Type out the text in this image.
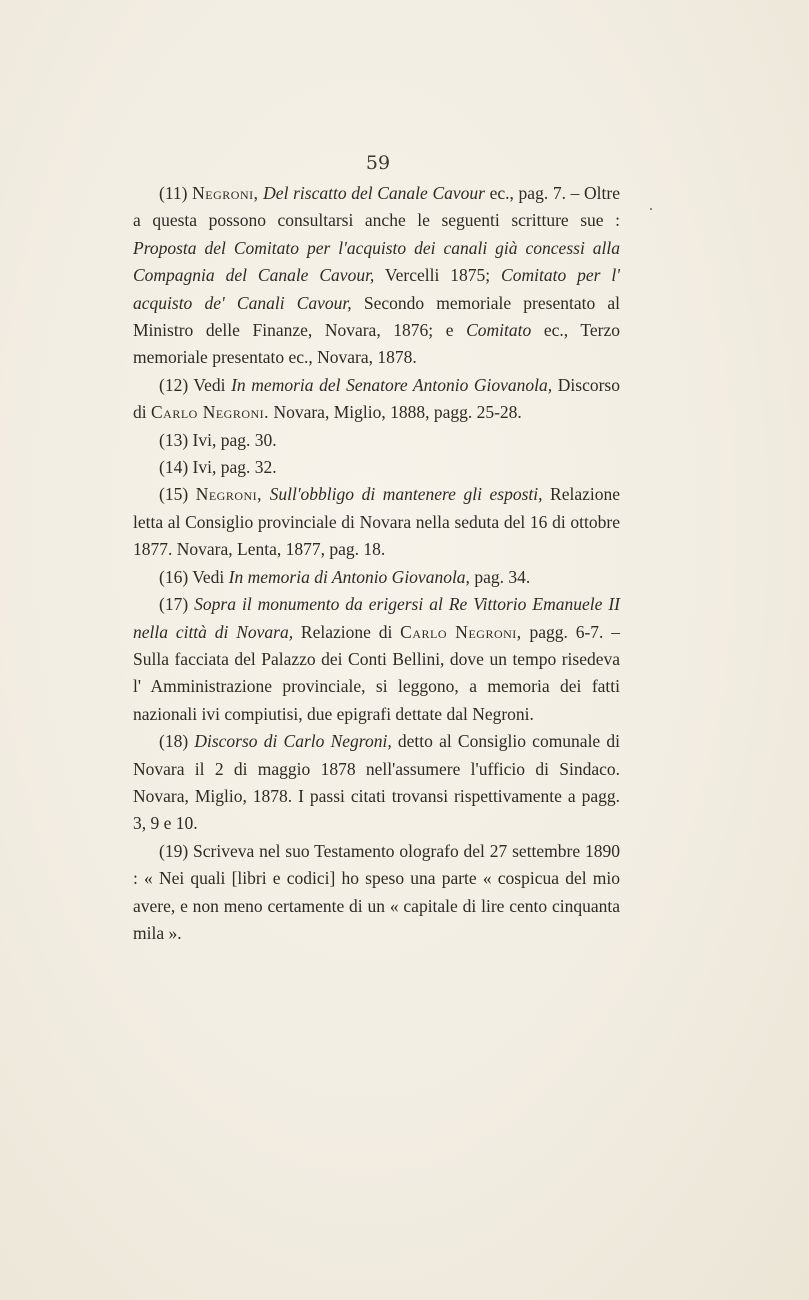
59

(11) Negroni, Del riscatto del Canale Cavour ec., pag. 7. – Oltre a questa possono consultarsi anche le seguenti scritture sue : Proposta del Comitato per l'acquisto dei canali già concessi alla Compagnia del Canale Cavour, Vercelli 1875; Comitato per l' acquisto de' Canali Cavour, Secondo memoriale presentato al Ministro delle Finanze, Novara, 1876; e Comitato ec., Terzo memoriale presentato ec., Novara, 1878.

(12) Vedi In memoria del Senatore Antonio Giovanola, Discorso di Carlo Negroni. Novara, Miglio, 1888, pagg. 25-28.

(13) Ivi, pag. 30.

(14) Ivi, pag. 32.

(15) Negroni, Sull'obbligo di mantenere gli esposti, Relazione letta al Consiglio provinciale di Novara nella seduta del 16 di ottobre 1877. Novara, Lenta, 1877, pag. 18.

(16) Vedi In memoria di Antonio Giovanola, pag. 34.

(17) Sopra il monumento da erigersi al Re Vittorio Emanuele II nella città di Novara, Relazione di Carlo Negroni, pagg. 6-7. – Sulla facciata del Palazzo dei Conti Bellini, dove un tempo risedeva l' Amministrazione provinciale, si leggono, a memoria dei fatti nazionali ivi compiutisi, due epigrafi dettate dal Negroni.

(18) Discorso di Carlo Negroni, detto al Consiglio comunale di Novara il 2 di maggio 1878 nell'assumere l'ufficio di Sindaco. Novara, Miglio, 1878. I passi citati trovansi rispettivamente a pagg. 3, 9 e 10.

(19) Scriveva nel suo Testamento olografo del 27 settembre 1890 : « Nei quali [libri e codici] ho speso una parte « cospicua del mio avere, e non meno certamente di un « capitale di lire cento cinquanta mila ».
